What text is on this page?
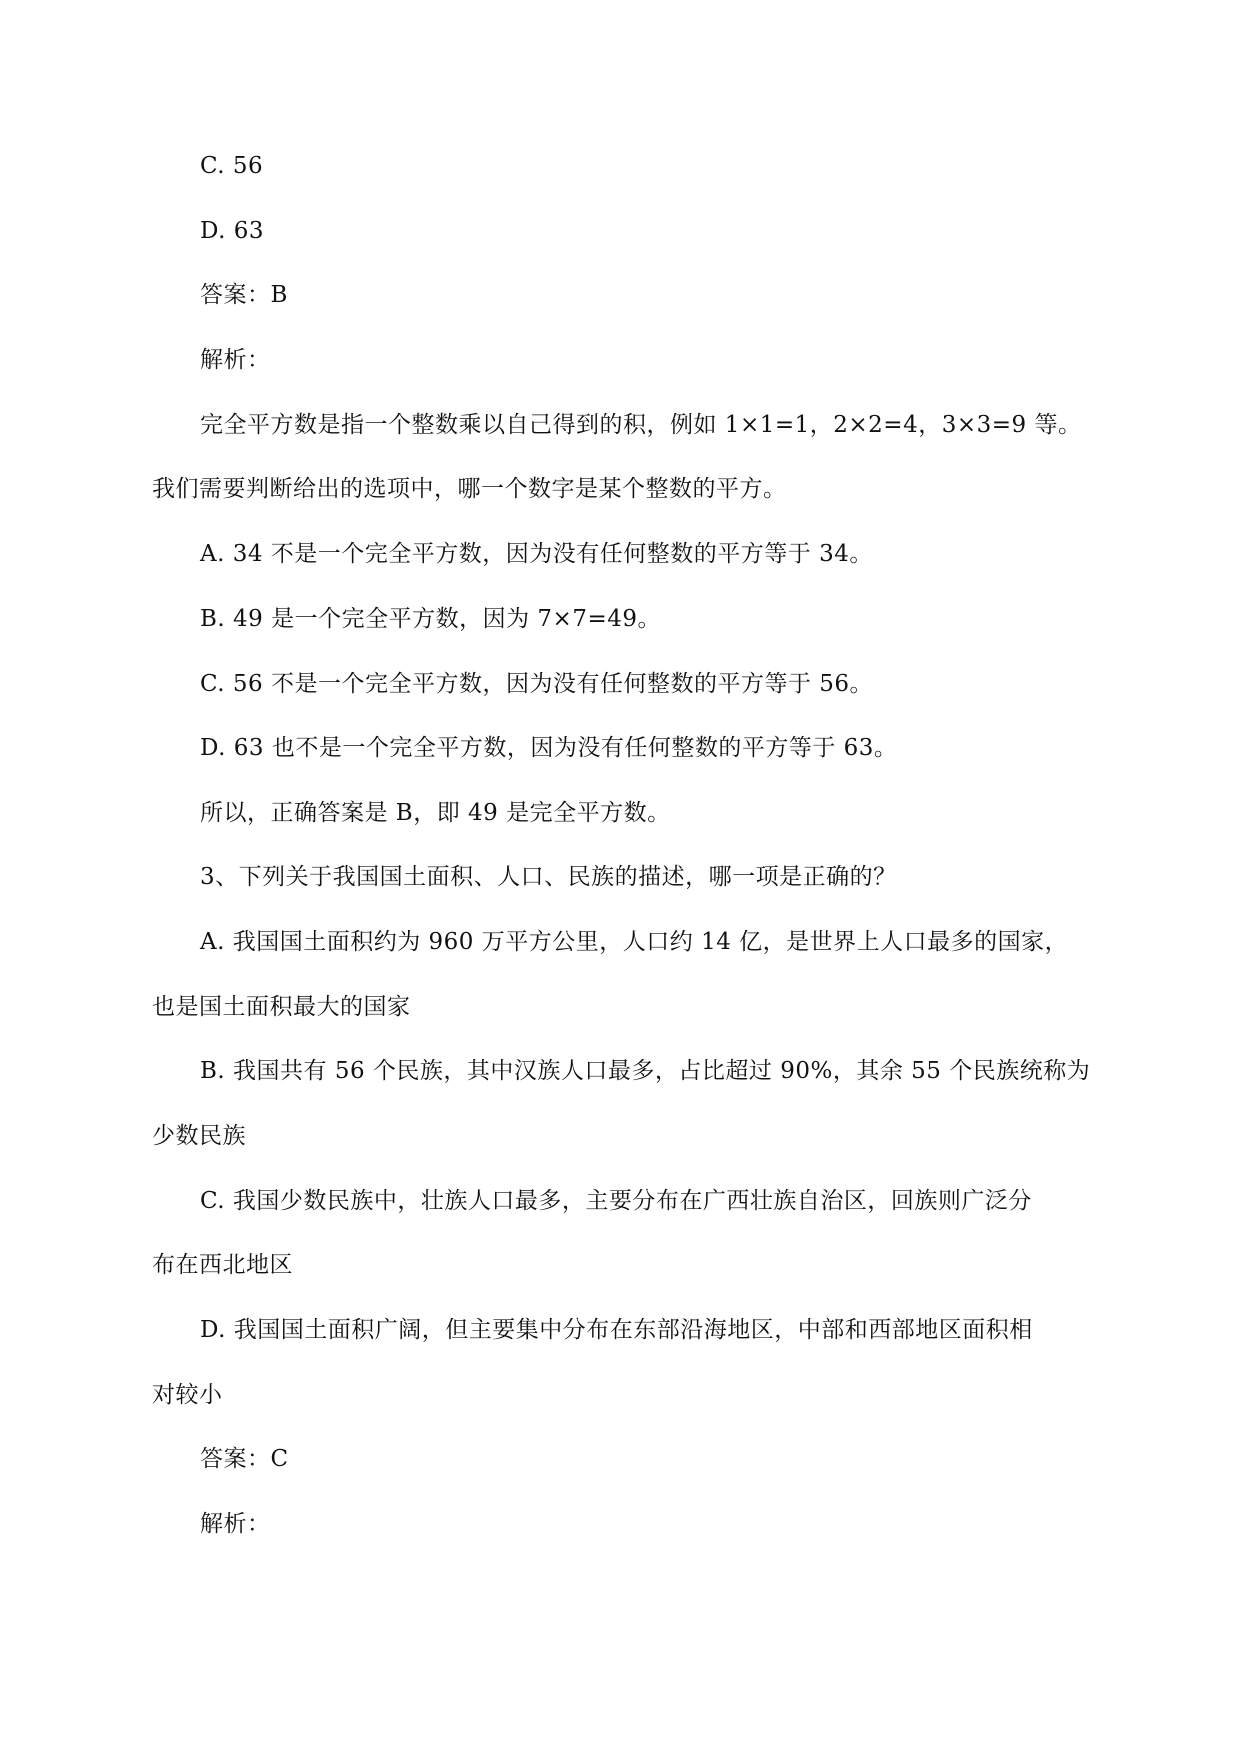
C. 56
D. 63
答案：B
解析：
完全平方数是指一个整数乘以自己得到的积，例如 1×1=1，2×2=4，3×3=9 等。
我们需要判断给出的选项中，哪一个数字是某个整数的平方。
A. 34 不是一个完全平方数，因为没有任何整数的平方等于 34。
B. 49 是一个完全平方数，因为 7×7=49。
C. 56 不是一个完全平方数，因为没有任何整数的平方等于 56。
D. 63 也不是一个完全平方数，因为没有任何整数的平方等于 63。
所以，正确答案是 B，即 49 是完全平方数。
3、下列关于我国国土面积、人口、民族的描述，哪一项是正确的？
A. 我国国土面积约为 960 万平方公里，人口约 14 亿，是世界上人口最多的国家，
也是国土面积最大的国家
B. 我国共有 56 个民族，其中汉族人口最多，占比超过 90%，其余 55 个民族统称为
少数民族
C. 我国少数民族中，壮族人口最多，主要分布在广西壮族自治区，回族则广泛分
布在西北地区
D. 我国国土面积广阔，但主要集中分布在东部沿海地区，中部和西部地区面积相
对较小
答案：C
解析：
